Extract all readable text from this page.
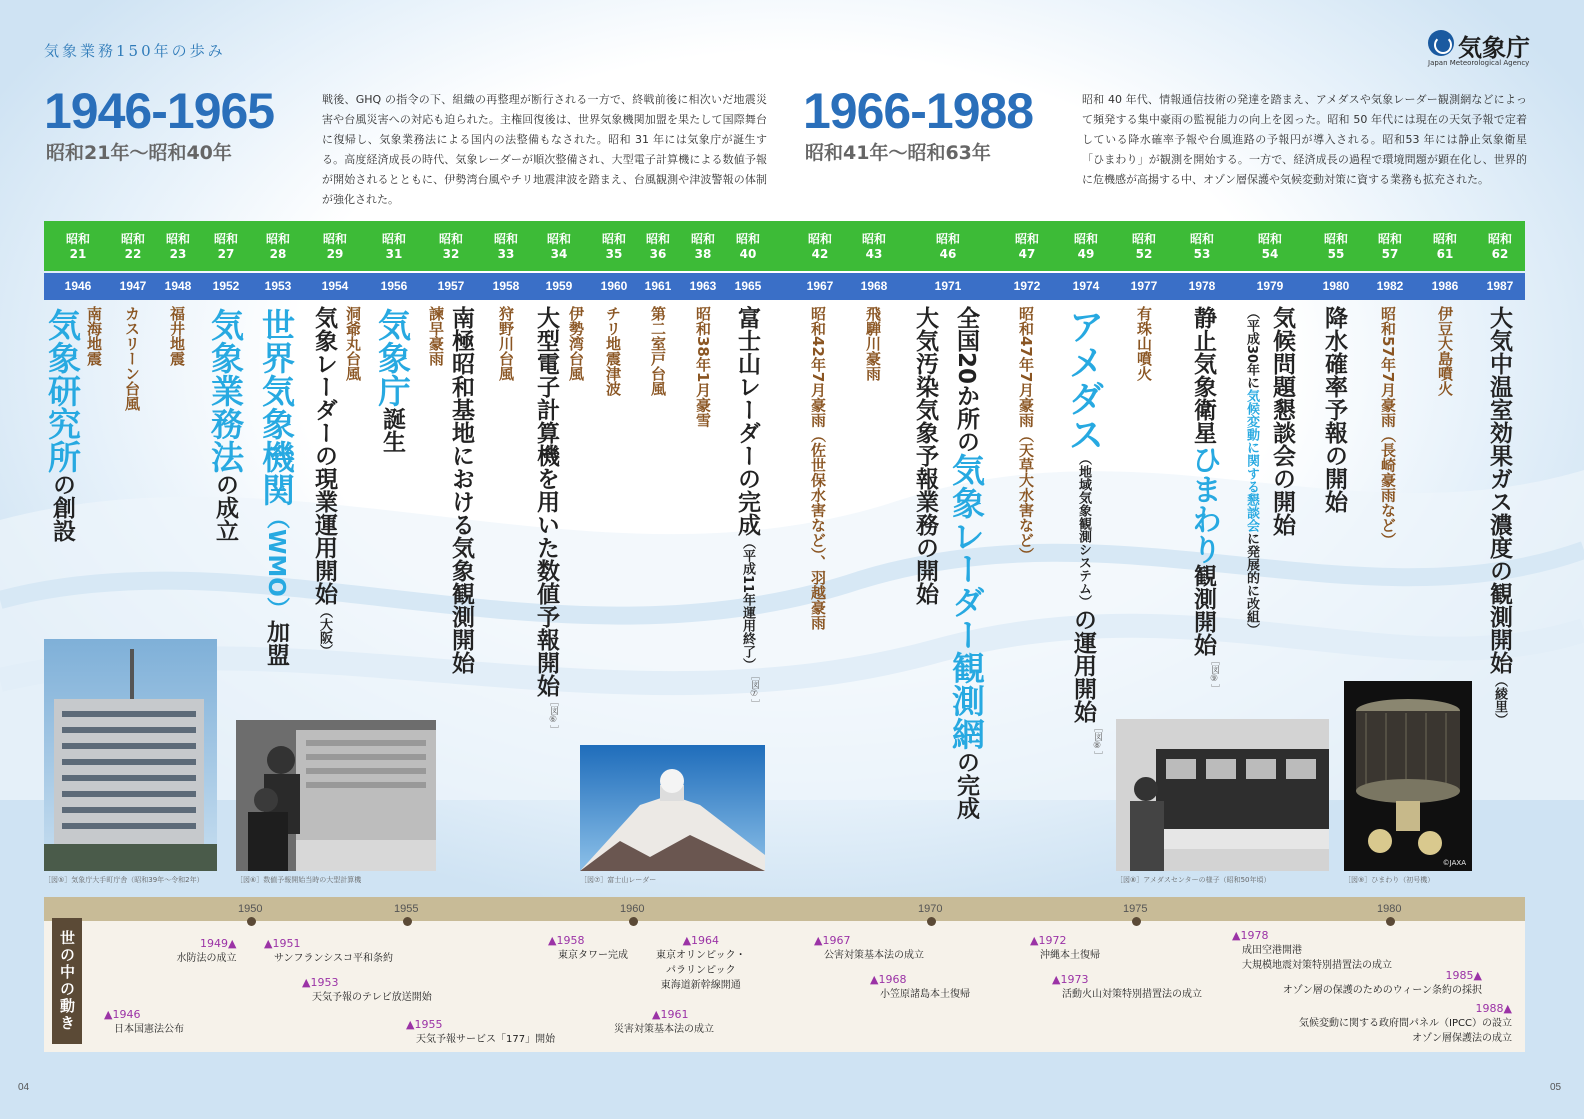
気象業務150年の歩み	気象庁
Japan Meteorological Agency
1946-1965
昭和21年～昭和40年
戦後、GHQ の指令の下、組織の再整理が断行される一方で、終戦前後に相次いだ地震災害や台風災害への対応も迫られた。主権回復後は、世界気象機関加盟を果たして国際舞台に復帰し、気象業務法による国内の法整備もなされた。昭和 31 年には気象庁が誕生する。高度経済成長の時代、気象レーダーが順次整備され、大型電子計算機による数値予報が開始されるとともに、伊勢湾台風やチリ地震津波を踏まえ、台風観測や津波警報の体制が強化された。
1966-1988
昭和41年～昭和63年
昭和 40 年代、情報通信技術の発達を踏まえ、アメダスや気象レーダー観測網などによって頻発する集中豪雨の監視能力の向上を図った。昭和 50 年代には現在の天気予報で定着している降水確率予報や台風進路の予報円が導入される。昭和53 年には静止気象衛星「ひまわり」が観測を開始する。一方で、経済成長の過程で環境問題が顕在化し、世界的に危機感が高揚する中、オゾン層保護や気候変動対策に資する業務も拡充された。
昭和
21
1946
昭和
22
1947
昭和
23
1948
昭和
27
1952
昭和
28
1953
昭和
29
1954
昭和
31
1956
昭和
32
1957
昭和
33
1958
昭和
34
1959
昭和
35
1960
昭和
36
1961
昭和
38
1963
昭和
40
1965
昭和
42
1967
昭和
43
1968
昭和
46
1971
昭和
47
1972
昭和
49
1974
昭和
52
1977
昭和
53
1978
昭和
54
1979
昭和
55
1980
昭和
57
1982
昭和
61
1986
昭和
62
1987
南海地震
気象研究所の創設
カスリーン台風 福井地震 気象業務法の成立
世界気象機関（WMO）加盟
洞爺丸台風
気象レーダーの現業運用開始（大阪）
気象庁誕生
諫早豪雨 南極昭和基地における気象観測開始 狩野川台風	伊勢湾台風
大型電子計算機を用いた数値予報開始
［図⑥］
チリ地震津波 第二室戸台風 昭和38年1月豪雪 富士山レーダーの完成（平成11年運用終了）
［図⑦］
昭和42年7月豪雨（佐世保水害など）、羽越豪雨 飛騨川豪雨 大気汚染気象予報業務の開始 全国20か所の気象レーダー観測網の完成
昭和47年7月豪雨（天草大水害など） アメダス（地域気象観測システム）の運用開始
［図⑧］
有珠山噴火 静止気象衛星ひまわり観測開始
［図⑨］
気候問題懇談会の開始
（平成30年に気候変動に関する懇談会に発展的に改組）
降水確率予報の開始 昭和57年7月豪雨（長崎豪雨など）	伊豆大島噴火 大気中温室効果ガス濃度の観測開始（綾里）
［図⑤］気象庁大手町庁舎（昭和39年～令和2年）	［図⑥］数値予報開始当時の大型計算機	［図⑦］富士山レーダー	［図⑧］アメダスセンターの様子（昭和50年頃）
©JAXA
［図⑨］ひまわり（初号機）
世の中の動き
1950	1955	1960	1970	1975	1980
▲1946
日本国憲法公布
1949▲
水防法の成立
▲1951
サンフランシスコ平和条約
▲1953
天気予報のテレビ放送開始
▲1955
天気予報サービス「177」開始
▲1958
東京タワー完成
▲1964
東京オリンピック・
パラリンピック
東海道新幹線開通
▲1961
災害対策基本法の成立
▲1967
公害対策基本法の成立
▲1968
小笠原諸島本土復帰
▲1972
沖縄本土復帰
▲1973
活動火山対策特別措置法の成立
▲1978
成田空港開港
大規模地震対策特別措置法の成立
1985▲
オゾン層の保護のためのウィーン条約の採択
1988▲
気候変動に関する政府間パネル（IPCC）の設立
オゾン層保護法の成立
04	05
